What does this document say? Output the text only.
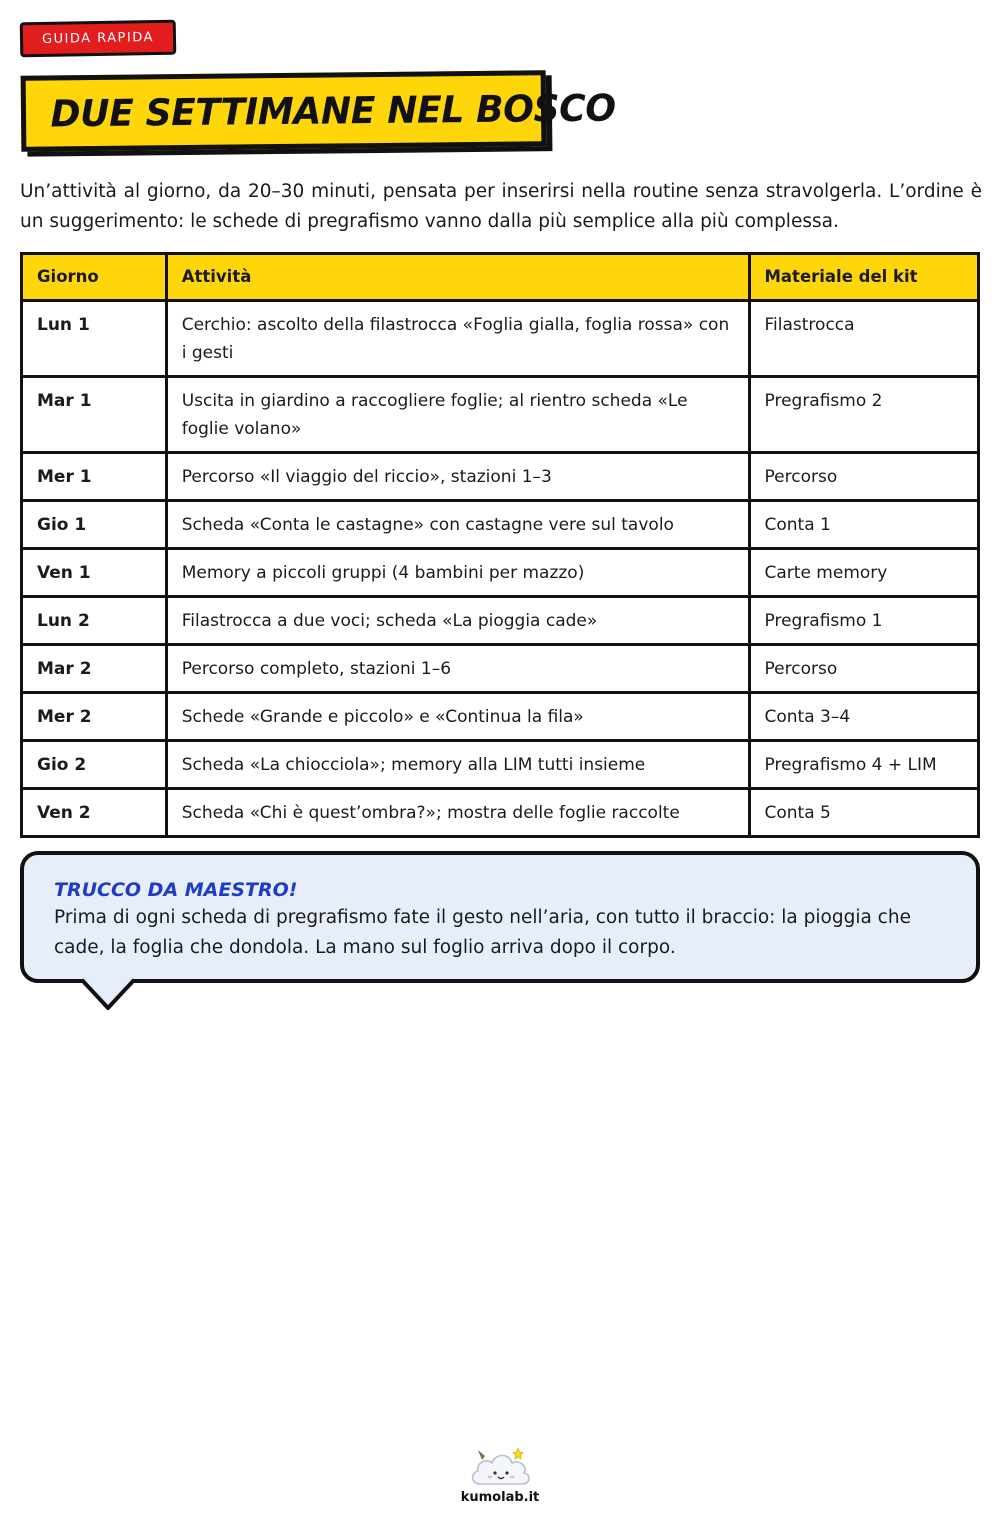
GUIDA RAPIDA
DUE SETTIMANE NEL BOSCO

Un’attività al giorno, da 20–30 minuti, pensata per inserirsi nella routine senza stravolgerla. L’ordine è un suggerimento: le schede di pregrafismo vanno dalla più semplice alla più complessa.

Giorno	Attività	Materiale del kit
Lun 1	Cerchio: ascolto della filastrocca «Foglia gialla, foglia rossa» con i gesti	Filastrocca
Mar 1	Uscita in giardino a raccogliere foglie; al rientro scheda «Le foglie volano»	Pregrafismo 2
Mer 1	Percorso «Il viaggio del riccio», stazioni 1–3	Percorso
Gio 1	Scheda «Conta le castagne» con castagne vere sul tavolo	Conta 1
Ven 1	Memory a piccoli gruppi (4 bambini per mazzo)	Carte memory
Lun 2	Filastrocca a due voci; scheda «La pioggia cade»	Pregrafismo 1
Mar 2	Percorso completo, stazioni 1–6	Percorso
Mer 2	Schede «Grande e piccolo» e «Continua la fila»	Conta 3–4
Gio 2	Scheda «La chiocciola»; memory alla LIM tutti insieme	Pregrafismo 4 + LIM
Ven 2	Scheda «Chi è quest’ombra?»; mostra delle foglie raccolte	Conta 5

TRUCCO DA MAESTRO!

Prima di ogni scheda di pregrafismo fate il gesto nell’aria, con tutto il braccio: la pioggia che cade, la foglia che dondola. La mano sul foglio arriva dopo il corpo.

kumolab.it
